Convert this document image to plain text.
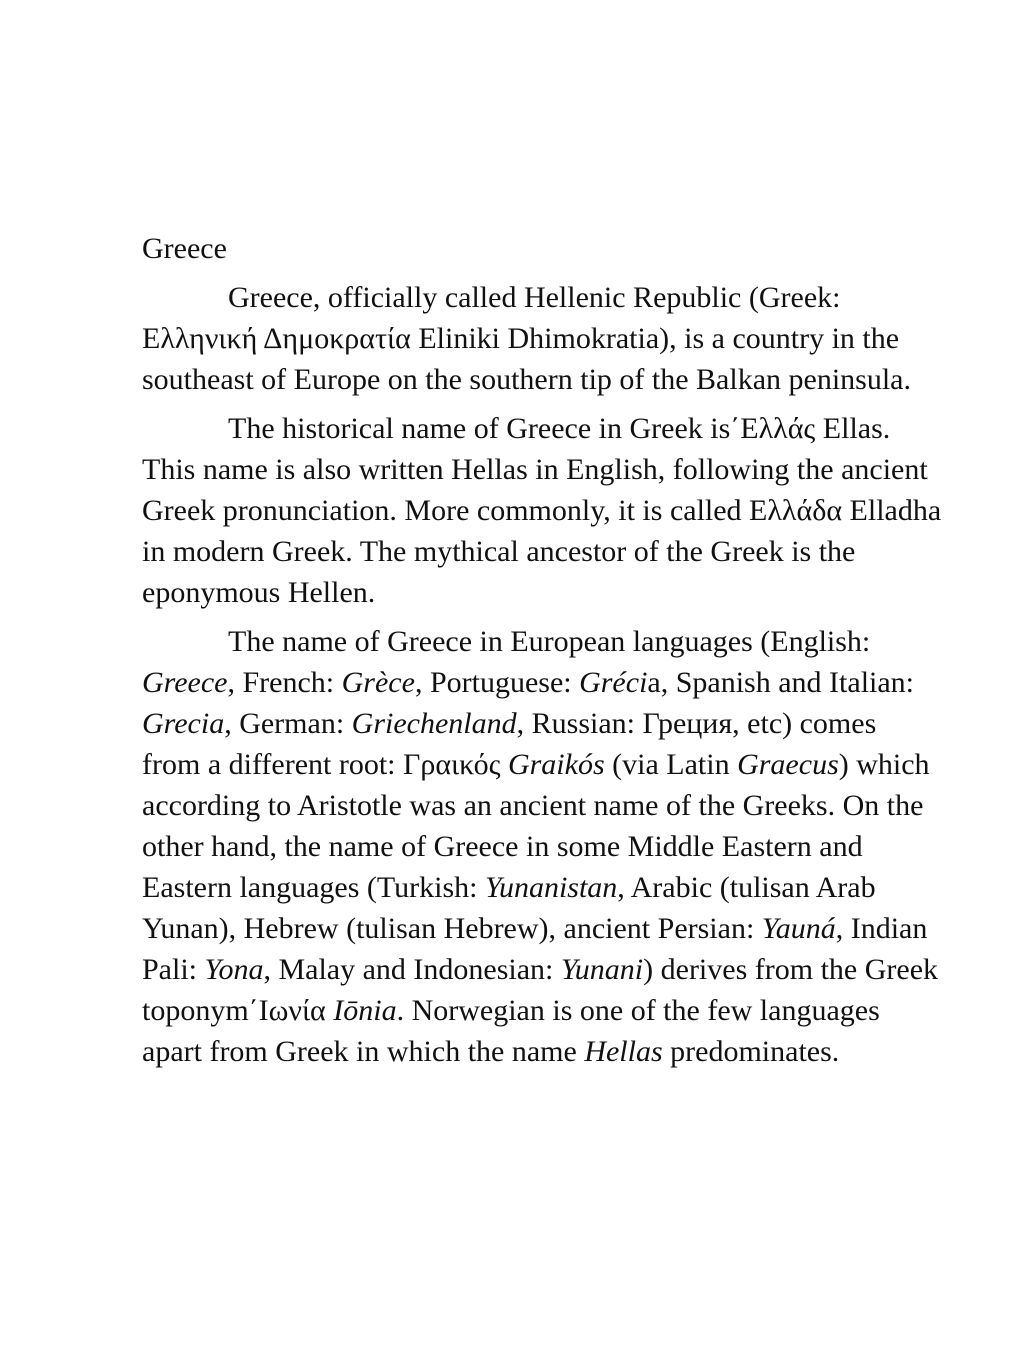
Greece

Greece, officially called Hellenic Republic (Greek: Ελληνική Δημοκρατία Eliniki Dhimokratia), is a country in the southeast of Europe on the southern tip of the Balkan peninsula.

The historical name of Greece in Greek is΄Ελλάς Ellas. This name is also written Hellas in English, following the ancient Greek pronunciation. More commonly, it is called Ελλάδα Elladha in modern Greek. The mythical ancestor of the Greek is the eponymous Hellen.

The name of Greece in European languages (English: Greece, French: Grèce, Portuguese: Grécia, Spanish and Italian: Grecia, German: Griechenland, Russian: Греция, etc) comes from a different root: Γραικός Graikós (via Latin Graecus) which according to Aristotle was an ancient name of the Greeks. On the other hand, the name of Greece in some Middle Eastern and Eastern languages (Turkish: Yunanistan, Arabic (tulisan Arab Yunan), Hebrew (tulisan Hebrew), ancient Persian: Yauná, Indian Pali: Yona, Malay and Indonesian: Yunani) derives from the Greek toponym΄Ιωνία Iōnia. Norwegian is one of the few languages apart from Greek in which the name Hellas predominates.
